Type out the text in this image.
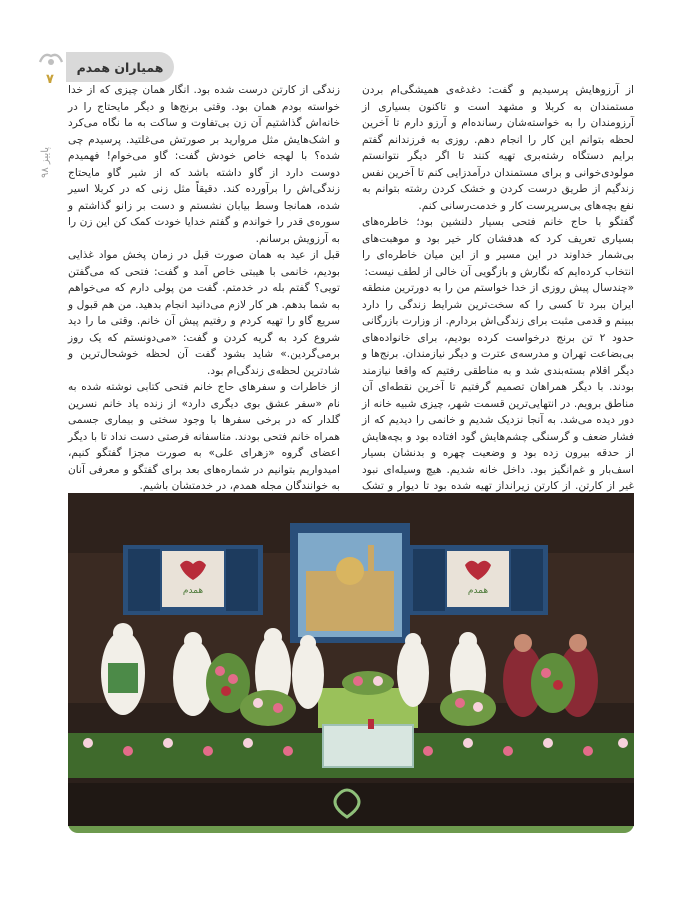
۷
پاییز ۹۸
همیاران همدم

از آرزوهایش پرسیدیم و گفت: دغدغه‌ی همیشگی‌ام بردن مستمندان به کربلا و مشهد است و تاکنون بسیاری از آرزومندان را به خواسته‌شان رسانده‌ام و آرزو دارم تا آخرین لحظه بتوانم این کار را انجام دهم. روزی به فرزندانم گفتم برایم دستگاه رشته‌بری تهیه کنند تا اگر دیگر نتوانستم مولودی‌خوانی و برای مستمندان درآمدزایی کنم تا آخرین نفس زندگیم از طریق درست کردن و خشک کردن رشته بتوانم به نفع بچه‌های بی‌سرپرست کار و خدمت‌رسانی کنم.

گفتگو با حاج خانم فتحی بسیار دلنشین بود؛ خاطره‌های بسیاری تعریف کرد که هدفشان کار خیر بود و موهبت‌های بی‌شمار خداوند در این مسیر و از این میان خاطره‌ای را انتخاب کرده‌ایم که نگارش و بازگویی آن خالی از لطف نیست:

«چندسال پیش روزی از خدا خواستم من را به دورترین منطقه ایران ببرد تا کسی را که سخت‌ترین شرایط زندگی را دارد ببینم و قدمی مثبت برای زندگی‌اش بردارم. از وزارت بازرگانی حدود ۲ تن برنج درخواست کرده بودیم، برای خانواده‌های بی‌بضاعت تهران و مدرسه‌ی عترت و دیگر نیازمندان. برنج‌ها و دیگر اقلام بسته‌بندی شد و به مناطقی رفتیم که واقعا نیازمند بودند. با دیگر همراهان تصمیم گرفتیم تا آخرین نقطه‌ای آن مناطق برویم. در انتهایی‌ترین قسمت شهر، چیزی شبیه خانه از دور دیده می‌شد. به آنجا نزدیک شدیم و خانمی را دیدیم که از فشار ضعف و گرسنگی چشم‌هایش گود افتاده بود و بچه‌هایش از حدقه بیرون زده بود و وضعیت چهره و بدنشان بسیار اسف‌بار و غم‌انگیز بود. داخل خانه شدیم. هیچ وسیله‌ای نبود غیر از کارتن. از کارتن زیرانداز تهیه شده بود تا دیوار و تشک

زندگی از کارتن درست شده بود. انگار همان چیزی که از خدا خواسته بودم همان بود. وقتی برنج‌ها و دیگر مایحتاج را در خانه‌اش گذاشتیم آن زن بی‌تفاوت و ساکت به ما نگاه می‌کرد و اشک‌هایش مثل مروارید بر صورتش می‌غلتید. پرسیدم چی شده؟ با لهجه خاص خودش گفت: گاو می‌خوام! فهمیدم دوست دارد از گاو داشته باشد که از شیر گاو مایحتاج زندگی‌اش را برآورده کند. دقیقاً مثل زنی که در کربلا اسیر شده، همانجا وسط بیابان نشستم و دست بر زانو گذاشتم و سوره‌ی قدر را خواندم و گفتم خدایا خودت کمک کن این زن را به آرزویش برسانم.

قبل از عید به همان صورت قبل در زمان پخش مواد غذایی بودیم، خانمی با هیبتی خاص آمد و گفت: فتحی که می‌گفتن تویی؟ گفتم بله در خدمتم. گفت من پولی دارم که می‌خواهم به شما بدهم. هر کار لازم می‌دانید انجام بدهید. من هم قبول و سریع گاو را تهیه کردم و رفتیم پیش آن خانم. وقتی ما را دید شروع کرد به گریه کردن و گفت: «می‌دونستم که یک روز برمی‌گردین.» شاید بشود گفت آن لحظه خوشحال‌ترین و شادترین لحظه‌ی زندگی‌ام بود.

از خاطرات و سفرهای حاج خانم فتحی کتابی نوشته شده به نام «سفر عشق بوی دیگری دارد» از زنده یاد خانم نسرین گلدار که در برخی سفرها با وجود سختی و بیماری جسمی همراه خانم فتحی بودند. متاسفانه فرصتی دست نداد تا با دیگر اعضای گروه «زهرای علی» به صورت مجزا گفتگو کنیم، امیدواریم بتوانیم در شماره‌های بعد برای گفتگو و معرفی آنان به خوانندگان مجله همدم، در خدمتشان باشیم.

همدم	همدم
